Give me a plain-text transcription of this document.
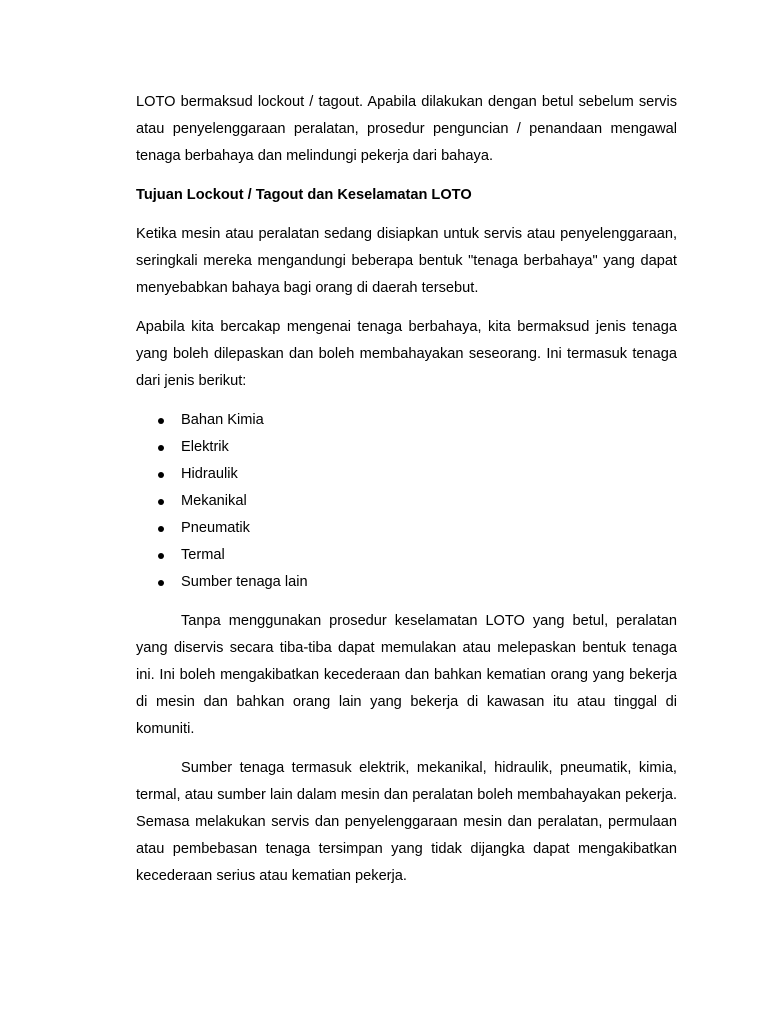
LOTO bermaksud lockout / tagout. Apabila dilakukan dengan betul sebelum servis atau penyelenggaraan peralatan, prosedur penguncian / penandaan mengawal tenaga berbahaya dan melindungi pekerja dari bahaya.

Tujuan Lockout / Tagout dan Keselamatan LOTO

Ketika mesin atau peralatan sedang disiapkan untuk servis atau penyelenggaraan, seringkali mereka mengandungi beberapa bentuk "tenaga berbahaya" yang dapat menyebabkan bahaya bagi orang di daerah tersebut.

Apabila kita bercakap mengenai tenaga berbahaya, kita bermaksud jenis tenaga yang boleh dilepaskan dan boleh membahayakan seseorang. Ini termasuk tenaga dari jenis berikut:

Bahan Kimia
Elektrik
Hidraulik
Mekanikal
Pneumatik
Termal
Sumber tenaga lain

Tanpa menggunakan prosedur keselamatan LOTO yang betul, peralatan yang diservis secara tiba-tiba dapat memulakan atau melepaskan bentuk tenaga ini. Ini boleh mengakibatkan kecederaan dan bahkan kematian orang yang bekerja di mesin dan bahkan orang lain yang bekerja di kawasan itu atau tinggal di komuniti.

Sumber tenaga termasuk elektrik, mekanikal, hidraulik, pneumatik, kimia, termal, atau sumber lain dalam mesin dan peralatan boleh membahayakan pekerja. Semasa melakukan servis dan penyelenggaraan mesin dan peralatan, permulaan atau pembebasan tenaga tersimpan yang tidak dijangka dapat mengakibatkan kecederaan serius atau kematian pekerja.
